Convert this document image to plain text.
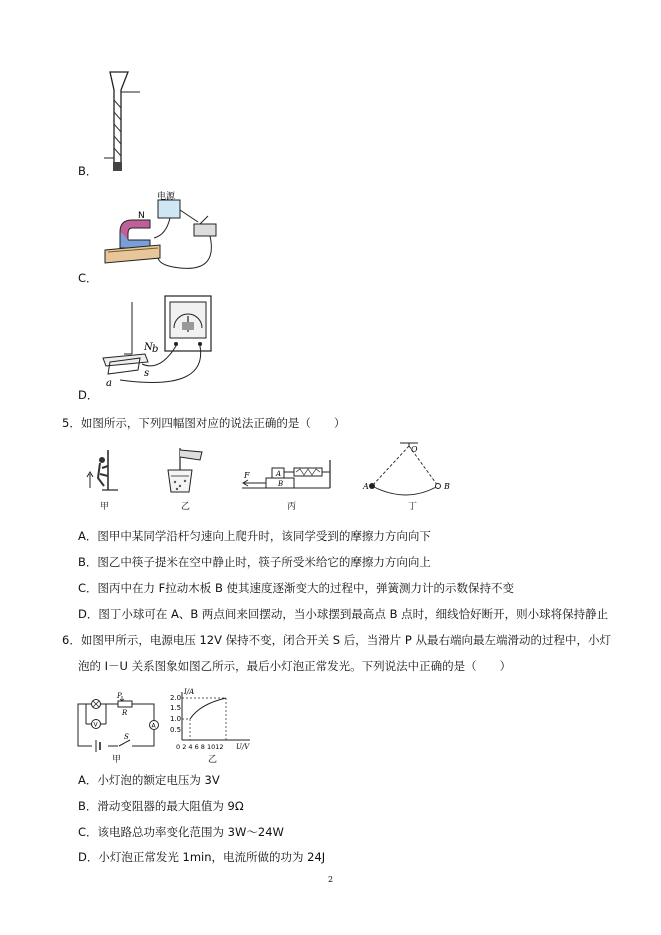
B．
C．
电源
N
D．
N b
s
a
5．如图所示，下列四幅图对应的说法正确的是（　　）
甲	乙
F	A
B
丙
O
A	B
丁
A．图甲中某同学沿杆匀速向上爬升时，该同学受到的摩擦力方向向下
B．图乙中筷子提米在空中静止时，筷子所受米给它的摩擦力方向向上
C．图丙中在力 F拉动木板 B 使其速度逐渐变大的过程中，弹簧测力计的示数保持不变
D．图丁小球可在 A、B 两点间来回摆动，当小球摆到最高点 B 点时，细线恰好断开，则小球将保持静止
6．如图甲所示，电源电压 12V 保持不变，闭合开关 S 后，当滑片 P 从最右端向最左端滑动的过程中，小灯
泡的 I－U 关系图象如图乙所示，最后小灯泡正常发光。下列说法中正确的是（　　）
P
R
V	A
S
甲
2.0
1.5
1.0
0.5
0 2 4 6 8 1012
I/A
U/V
乙
A．小灯泡的额定电压为 3V
B．滑动变阻器的最大阻值为 9Ω
C．该电路总功率变化范围为 3W～24W
D．小灯泡正常发光 1min，电流所做的功为 24J
2
